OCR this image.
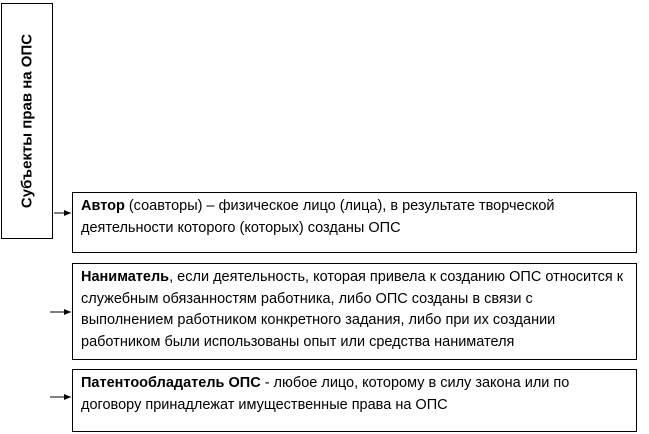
Субъекты прав на ОПС	Автор (соавторы) – физическое лицо (лица), в результате творческой деятельности которого (которых) созданы ОПС
Наниматель, если деятельность, которая привела к созданию ОПС относится к служебным обязанностям работника, либо ОПС созданы в связи с выполнением работником конкретного задания, либо при их создании работником были использованы опыт или средства нанимателя
Патентообладатель ОПС - любое лицо, которому в силу закона или по договору принадлежат имущественные права на ОПС
